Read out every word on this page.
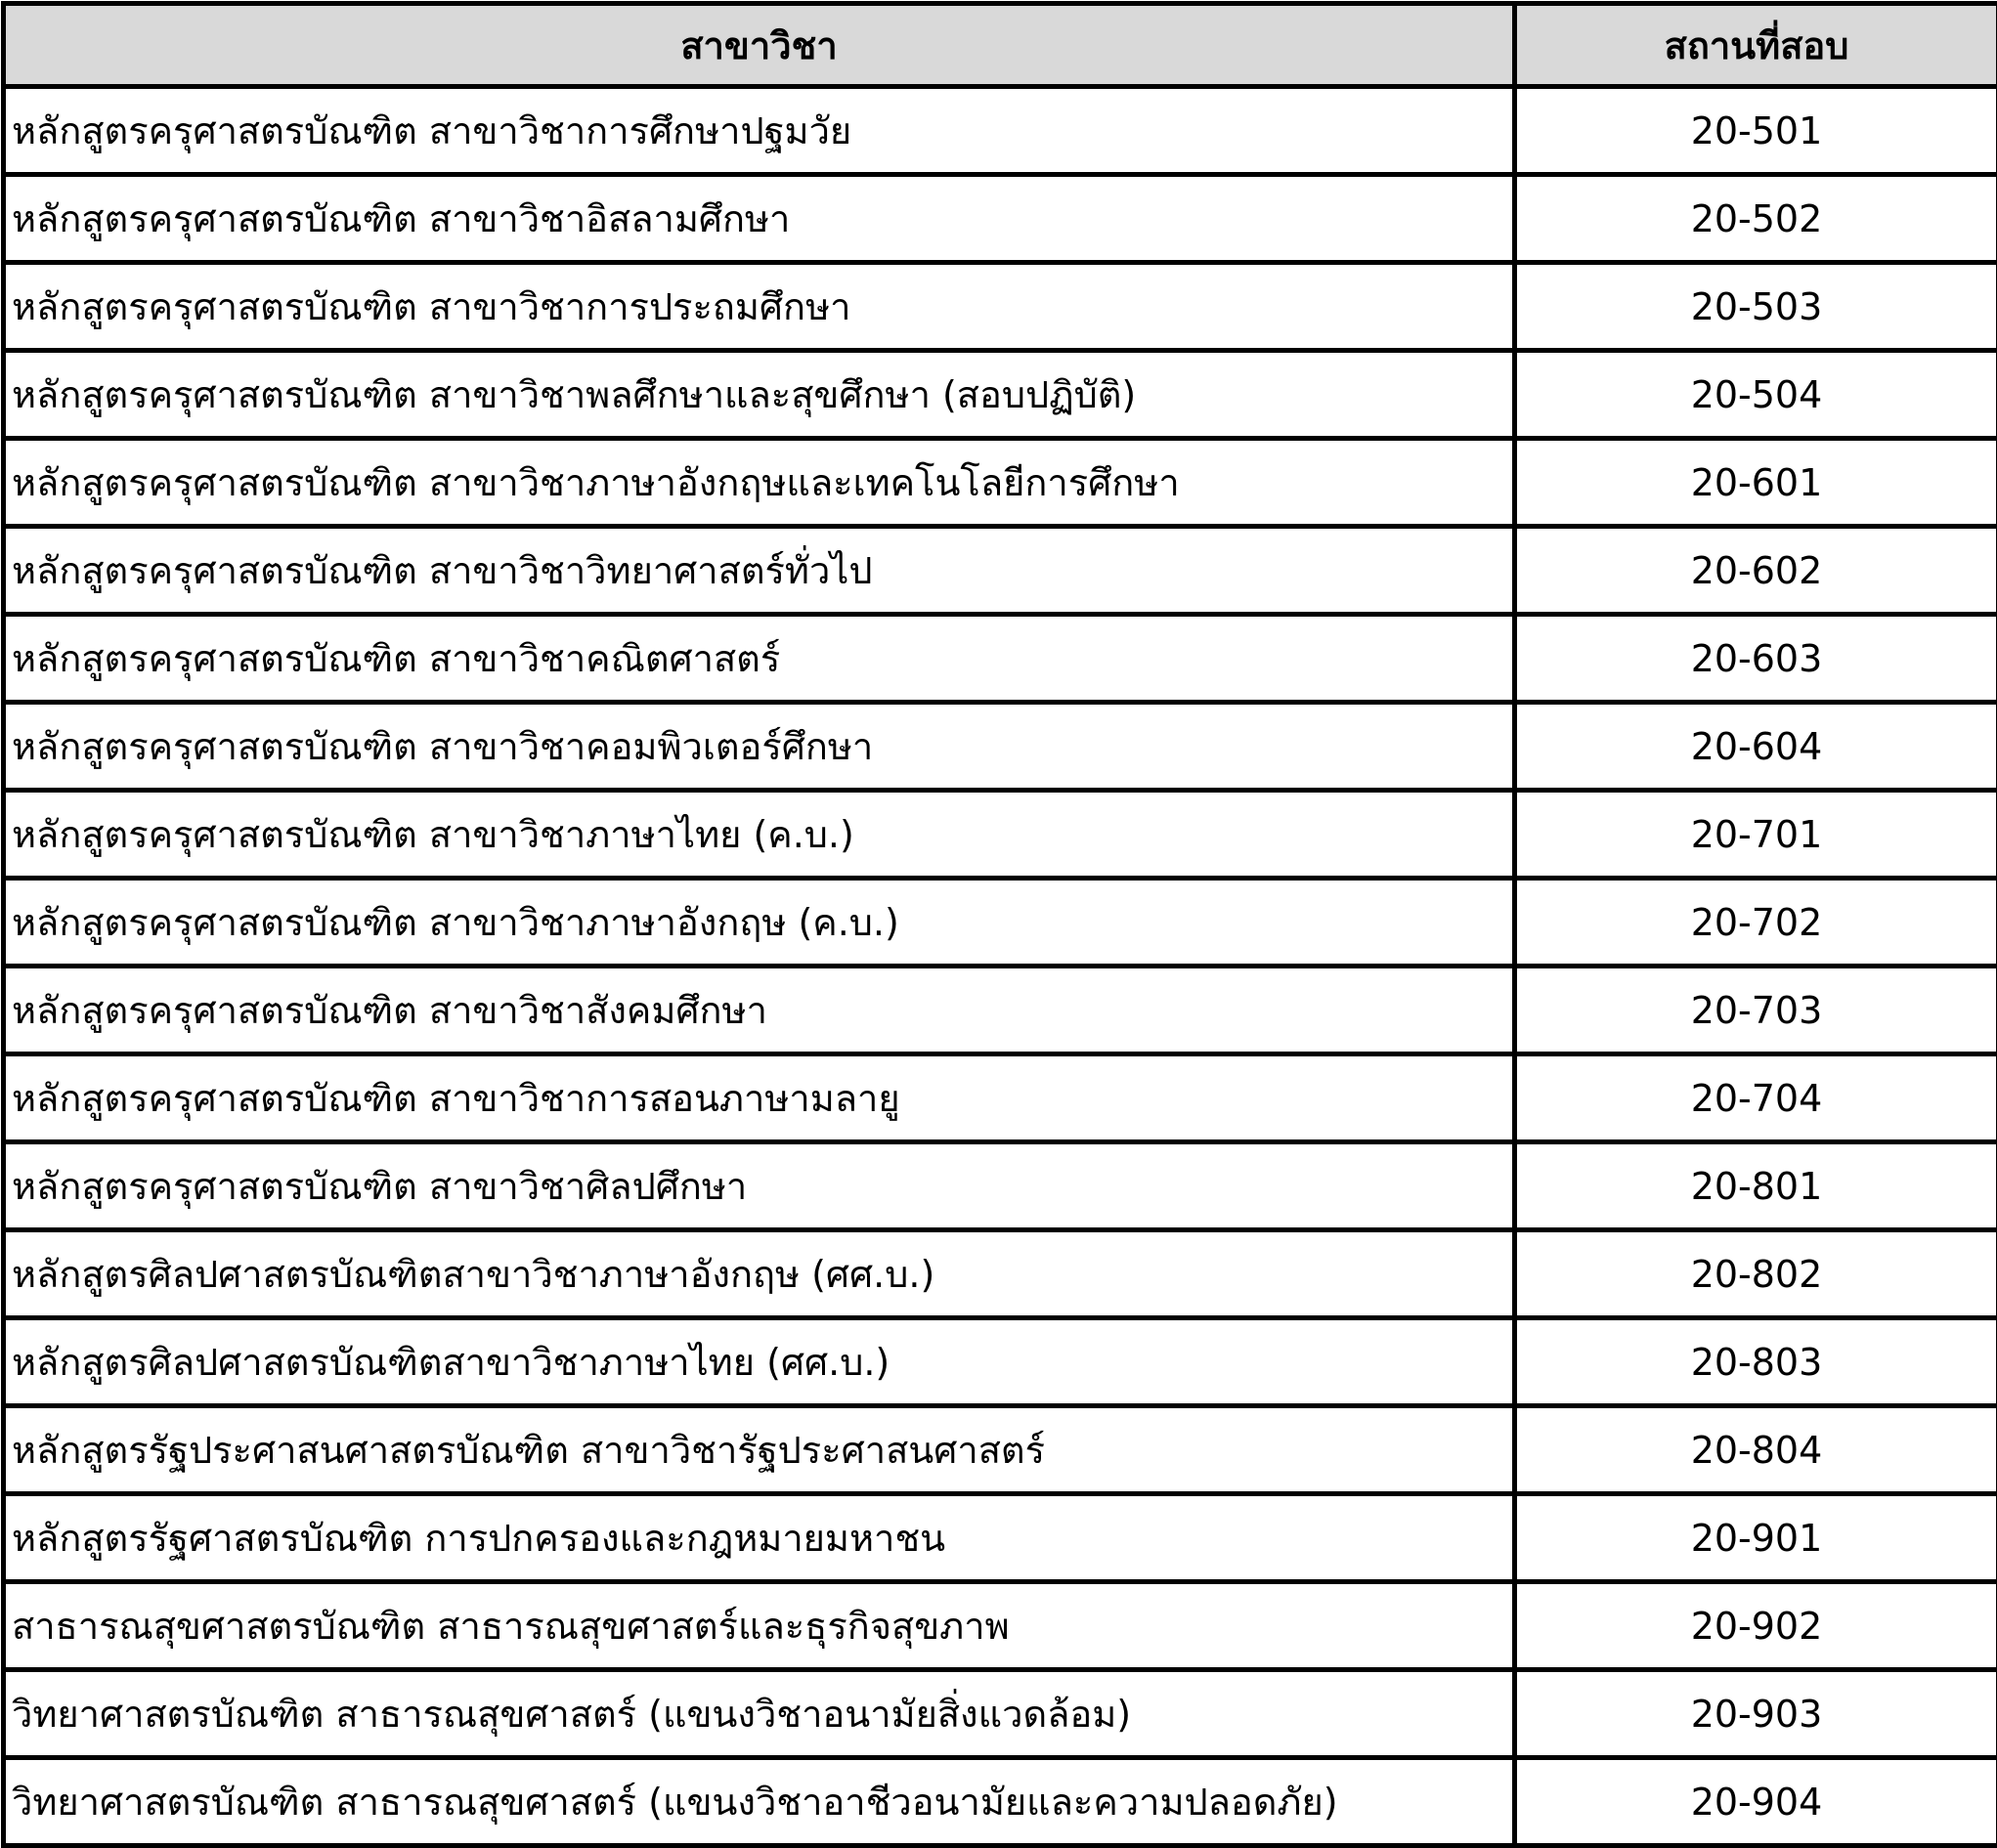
สาขาวิชา	สถานที่สอบ
หลักสูตรครุศาสตรบัณฑิต สาขาวิชาการศึกษาปฐมวัย	20-501
หลักสูตรครุศาสตรบัณฑิต สาขาวิชาอิสลามศึกษา	20-502
หลักสูตรครุศาสตรบัณฑิต สาขาวิชาการประถมศึกษา	20-503
หลักสูตรครุศาสตรบัณฑิต สาขาวิชาพลศึกษาและสุขศึกษา (สอบปฏิบัติ)	20-504
หลักสูตรครุศาสตรบัณฑิต สาขาวิชาภาษาอังกฤษและเทคโนโลยีการศึกษา	20-601
หลักสูตรครุศาสตรบัณฑิต สาขาวิชาวิทยาศาสตร์ทั่วไป	20-602
หลักสูตรครุศาสตรบัณฑิต สาขาวิชาคณิตศาสตร์	20-603
หลักสูตรครุศาสตรบัณฑิต สาขาวิชาคอมพิวเตอร์ศึกษา	20-604
หลักสูตรครุศาสตรบัณฑิต สาขาวิชาภาษาไทย (ค.บ.)	20-701
หลักสูตรครุศาสตรบัณฑิต สาขาวิชาภาษาอังกฤษ (ค.บ.)	20-702
หลักสูตรครุศาสตรบัณฑิต สาขาวิชาสังคมศึกษา	20-703
หลักสูตรครุศาสตรบัณฑิต สาขาวิชาการสอนภาษามลายู	20-704
หลักสูตรครุศาสตรบัณฑิต สาขาวิชาศิลปศึกษา	20-801
หลักสูตรศิลปศาสตรบัณฑิตสาขาวิชาภาษาอังกฤษ (ศศ.บ.)	20-802
หลักสูตรศิลปศาสตรบัณฑิตสาขาวิชาภาษาไทย (ศศ.บ.)	20-803
หลักสูตรรัฐประศาสนศาสตรบัณฑิต สาขาวิชารัฐประศาสนศาสตร์	20-804
หลักสูตรรัฐศาสตรบัณฑิต การปกครองและกฎหมายมหาชน	20-901
สาธารณสุขศาสตรบัณฑิต สาธารณสุขศาสตร์และธุรกิจสุขภาพ	20-902
วิทยาศาสตรบัณฑิต สาธารณสุขศาสตร์ (แขนงวิชาอนามัยสิ่งแวดล้อม)	20-903
วิทยาศาสตรบัณฑิต สาธารณสุขศาสตร์ (แขนงวิชาอาชีวอนามัยและความปลอดภัย)	20-904
